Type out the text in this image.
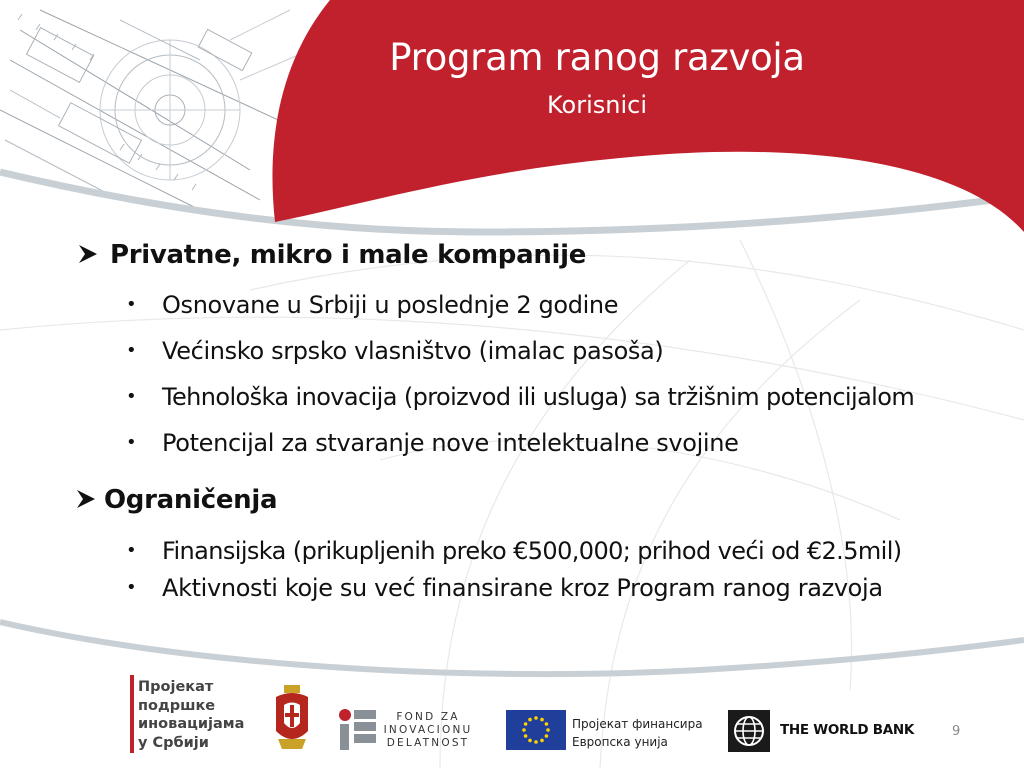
Program ranog razvoja
Korisnici
Privatne, mikro i male kompanije
• Osnovane u Srbiji u poslednje 2 godine
• Većinsko srpsko vlasništvo (imalac pasoša)
• Tehnološka inovacija (proizvod ili usluga) sa tržišnim potencijalom
• Potencijal za stvaranje nove intelektualne svojine
Ograničenja
• Finansijska (prikupljenih preko €500,000; prihod veći od €2.5mil)
• Aktivnosti koje su već finansirane kroz Program ranog razvoja
Пројекат
подршке
иновацијама
у Србији
FOND ZA
INOVACIONU
DELATNOST
Пројекат финансира
Европска унија
THE WORLD BANK	9
